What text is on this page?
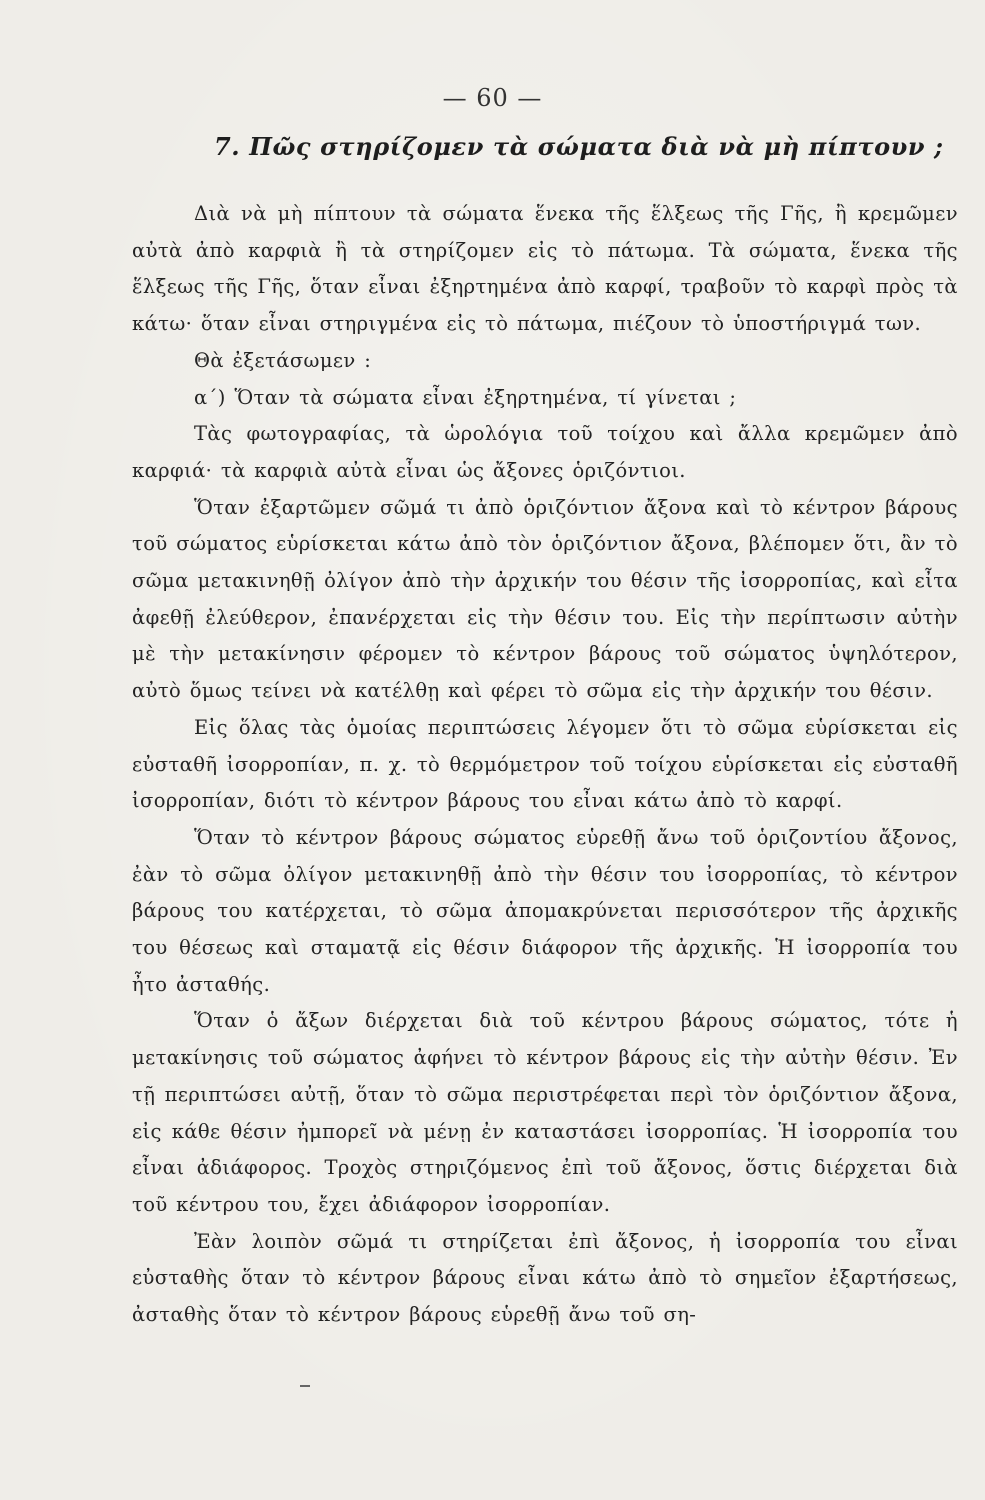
— 60 —
7. Πῶς στηρίζομεν τὰ σώματα διὰ νὰ μὴ πίπτουν ;

Διὰ νὰ μὴ πίπτουν τὰ σώματα ἕνεκα τῆς ἕλξεως τῆς Γῆς, ἢ κρεμῶμεν αὐτὰ ἀπὸ καρφιὰ ἢ τὰ στηρίζομεν εἰς τὸ πάτωμα. Τὰ σώματα, ἕνεκα τῆς ἕλξεως τῆς Γῆς, ὅταν εἶναι ἐξηρτημένα ἀπὸ καρφί, τραβοῦν τὸ καρφὶ πρὸς τὰ κάτω· ὅταν εἶναι στηριγμένα εἰς τὸ πάτωμα, πιέζουν τὸ ὑποστήριγμά των.

Θὰ ἐξετάσωμεν :

α΄) Ὅταν τὰ σώματα εἶναι ἐξηρτημένα, τί γίνεται ;

Τὰς φωτογραφίας, τὰ ὡρολόγια τοῦ τοίχου καὶ ἄλλα κρεμῶμεν ἀπὸ καρφιά· τὰ καρφιὰ αὐτὰ εἶναι ὡς ἄξονες ὁριζόντιοι.

Ὅταν ἐξαρτῶμεν σῶμά τι ἀπὸ ὁριζόντιον ἄξονα καὶ τὸ κέντρον βάρους τοῦ σώματος εὑρίσκεται κάτω ἀπὸ τὸν ὁριζόντιον ἄξονα, βλέπομεν ὅτι, ἂν τὸ σῶμα μετακινηθῇ ὀλίγον ἀπὸ τὴν ἀρχικήν του θέσιν τῆς ἰσορροπίας, καὶ εἶτα ἀφεθῇ ἐλεύθερον, ἐπανέρχεται εἰς τὴν θέσιν του. Εἰς τὴν περίπτωσιν αὐτὴν μὲ τὴν μετακίνησιν φέρομεν τὸ κέντρον βάρους τοῦ σώματος ὑψηλότερον, αὐτὸ ὅμως τείνει νὰ κατέλθῃ καὶ φέρει τὸ σῶμα εἰς τὴν ἀρχικήν του θέσιν.

Εἰς ὅλας τὰς ὁμοίας περιπτώσεις λέγομεν ὅτι τὸ σῶμα εὑρίσκεται εἰς εὐσταθῆ ἰσορροπίαν, π. χ. τὸ θερμόμετρον τοῦ τοίχου εὑρίσκεται εἰς εὐσταθῆ ἰσορροπίαν, διότι τὸ κέντρον βάρους του εἶναι κάτω ἀπὸ τὸ καρφί.

Ὅταν τὸ κέντρον βάρους σώματος εὑρεθῇ ἄνω τοῦ ὁριζοντίου ἄξονος, ἐὰν τὸ σῶμα ὀλίγον μετακινηθῇ ἀπὸ τὴν θέσιν του ἰσορροπίας, τὸ κέντρον βάρους του κατέρχεται, τὸ σῶμα ἀπομακρύνεται περισσότερον τῆς ἀρχικῆς του θέσεως καὶ σταματᾷ εἰς θέσιν διάφορον τῆς ἀρχικῆς. Ἡ ἰσορροπία του ἦτο ἀσταθής.

Ὅταν ὁ ἄξων διέρχεται διὰ τοῦ κέντρου βάρους σώματος, τότε ἡ μετακίνησις τοῦ σώματος ἀφήνει τὸ κέντρον βάρους εἰς τὴν αὐτὴν θέσιν. Ἐν τῇ περιπτώσει αὐτῇ, ὅταν τὸ σῶμα περιστρέφεται περὶ τὸν ὁριζόντιον ἄξονα, εἰς κάθε θέσιν ἠμπορεῖ νὰ μένῃ ἐν καταστάσει ἰσορροπίας. Ἡ ἰσορροπία του εἶναι ἀδιάφορος. Τροχὸς στηριζόμενος ἐπὶ τοῦ ἄξονος, ὅστις διέρχεται διὰ τοῦ κέντρου του, ἔχει ἀδιάφορον ἰσορροπίαν.

Ἐὰν λοιπὸν σῶμά τι στηρίζεται ἐπὶ ἄξονος, ἡ ἰσορροπία του εἶναι εὐσταθὴς ὅταν τὸ κέντρον βάρους εἶναι κάτω ἀπὸ τὸ σημεῖον ἐξαρτήσεως, ἀσταθὴς ὅταν τὸ κέντρον βάρους εὑρεθῇ ἄνω τοῦ ση-
